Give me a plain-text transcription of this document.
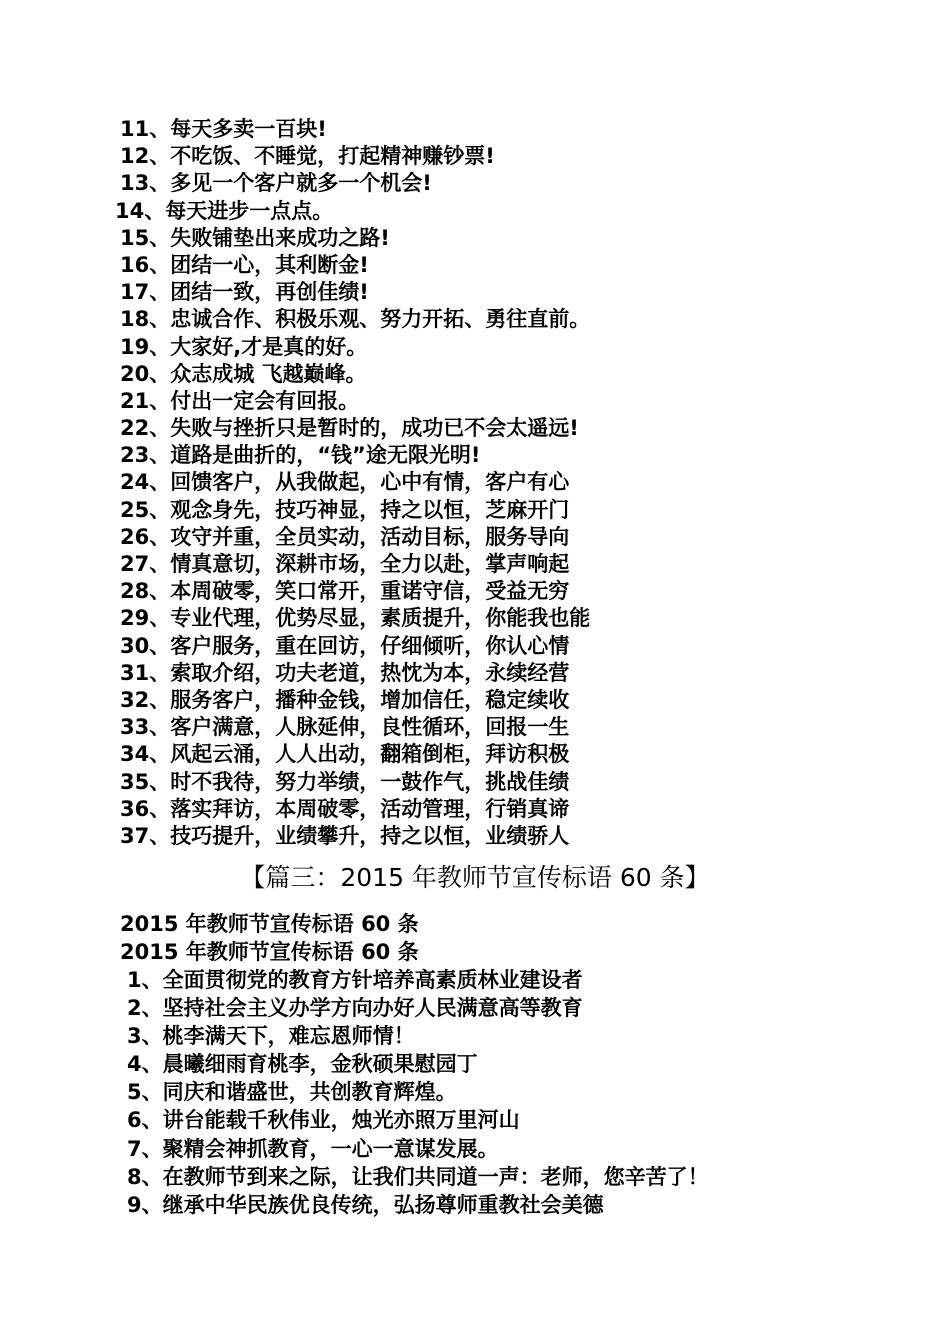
11、每天多卖一百块!
12、不吃饭、不睡觉，打起精神赚钞票!
13、多见一个客户就多一个机会!
14、每天进步一点点。
15、失败铺垫出来成功之路!
16、团结一心，其利断金!
17、团结一致，再创佳绩!
18、忠诚合作、积极乐观、努力开拓、勇往直前。
19、大家好,才是真的好。
20、众志成城 飞越巅峰。
21、付出一定会有回报。
22、失败与挫折只是暂时的，成功已不会太遥远!
23、道路是曲折的，“钱”途无限光明!
24、回馈客户，从我做起，心中有情，客户有心
25、观念身先，技巧神显，持之以恒，芝麻开门
26、攻守并重，全员实动，活动目标，服务导向
27、情真意切，深耕市场，全力以赴，掌声响起
28、本周破零，笑口常开，重诺守信，受益无穷
29、专业代理，优势尽显，素质提升，你能我也能
30、客户服务，重在回访，仔细倾听，你认心情
31、索取介绍，功夫老道，热忱为本，永续经营
32、服务客户，播种金钱，增加信任，稳定续收
33、客户满意，人脉延伸，良性循环，回报一生
34、风起云涌，人人出动，翻箱倒柜，拜访积极
35、时不我待，努力举绩，一鼓作气，挑战佳绩
36、落实拜访，本周破零，活动管理，行销真谛
37、技巧提升，业绩攀升，持之以恒，业绩骄人
【篇三：2015 年教师节宣传标语 60 条】
2015 年教师节宣传标语 60 条
2015 年教师节宣传标语 60 条
1、全面贯彻党的教育方针培养高素质林业建设者
2、坚持社会主义办学方向办好人民满意高等教育
3、桃李满天下，难忘恩师情！
4、晨曦细雨育桃李，金秋硕果慰园丁
5、同庆和谐盛世，共创教育辉煌。
6、讲台能载千秋伟业，烛光亦照万里河山
7、聚精会神抓教育，一心一意谋发展。
8、在教师节到来之际，让我们共同道一声：老师，您辛苦了！
9、继承中华民族优良传统，弘扬尊师重教社会美德
